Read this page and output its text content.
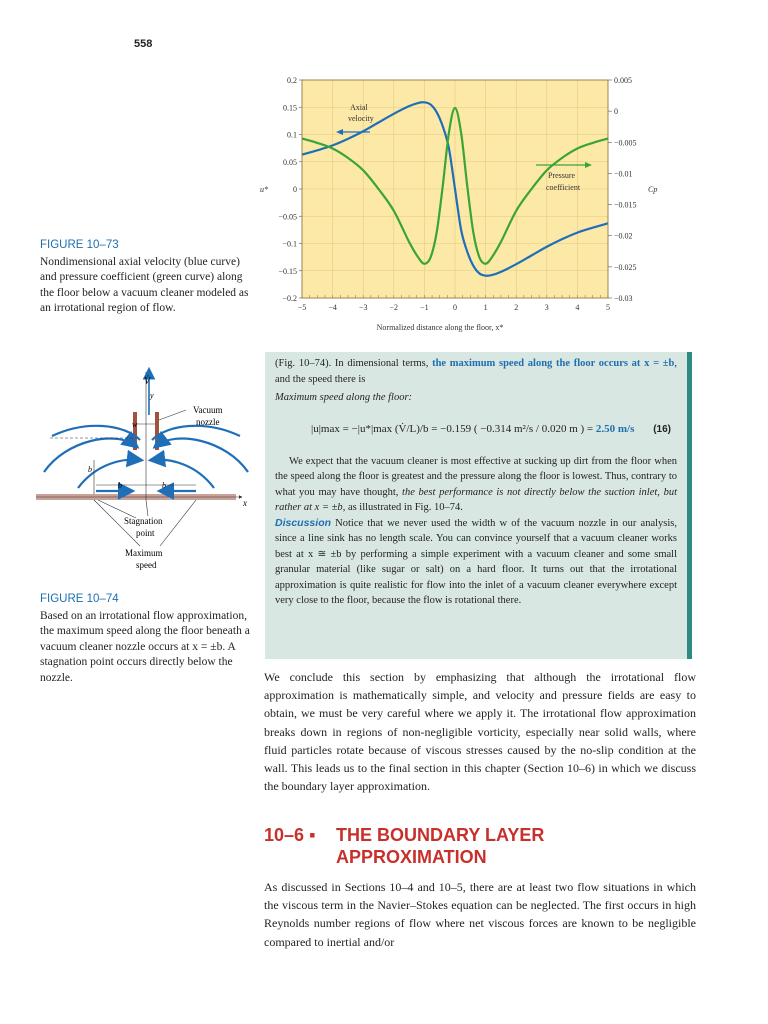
558
−5	−4	−3	−2	−1	0	1	2	3	4	5
0.2
0.15
0.1
0.05
0
−0.05
−0.1
−0.15
−0.2
0.005
0
−0.005
−0.01
−0.015
−0.02
−0.025
−0.03
u*	Cp
Normalized distance along the floor, x*
Axial
velocity
Pressure
coefficient
FIGURE 10–73
Nondimensional axial velocity (blue curve) and pressure coefficient (green curve) along the floor below a vacuum cleaner modeled as an irrotational region of flow.
x
V̇
y
w
b	b
b
Vacuum
nozzle
Stagnation
point
Maximum
speed
FIGURE 10–74
Based on an irrotational flow approximation, the maximum speed along the floor beneath a vacuum cleaner nozzle occurs at x = ±b. A stagnation point occurs directly below the nozzle.
(Fig. 10–74). In dimensional terms, the maximum speed along the floor occurs at x = ±b, and the speed there is
Maximum speed along the floor:
|u|max = −|u*|max (V̇/L)/b = −0.159 ( −0.314 m²/s / 0.020 m ) = 2.50 m/s (16)
We expect that the vacuum cleaner is most effective at sucking up dirt from the floor when the speed along the floor is greatest and the pressure along the floor is lowest. Thus, contrary to what you may have thought, the best performance is not directly below the suction inlet, but rather at x = ±b, as illustrated in Fig. 10–74.
Discussion Notice that we never used the width w of the vacuum nozzle in our analysis, since a line sink has no length scale. You can convince yourself that a vacuum cleaner works best at x ≅ ±b by performing a simple experiment with a vacuum cleaner and some small granular material (like sugar or salt) on a hard floor. It turns out that the irrotational approximation is quite realistic for flow into the inlet of a vacuum cleaner everywhere except very close to the floor, because the flow is rotational there.
We conclude this section by emphasizing that although the irrotational flow approximation is mathematically simple, and velocity and pressure fields are easy to obtain, we must be very careful where we apply it. The irrotational flow approximation breaks down in regions of non-negligible vorticity, especially near solid walls, where fluid particles rotate because of viscous stresses caused by the no-slip condition at the wall. This leads us to the final section in this chapter (Section 10–6) in which we discuss the boundary layer approximation.
10–6 ▪ THE BOUNDARY LAYER
APPROXIMATION
As discussed in Sections 10–4 and 10–5, there are at least two flow situations in which the viscous term in the Navier–Stokes equation can be neglected. The first occurs in high Reynolds number regions of flow where net viscous forces are known to be negligible compared to inertial and/or
